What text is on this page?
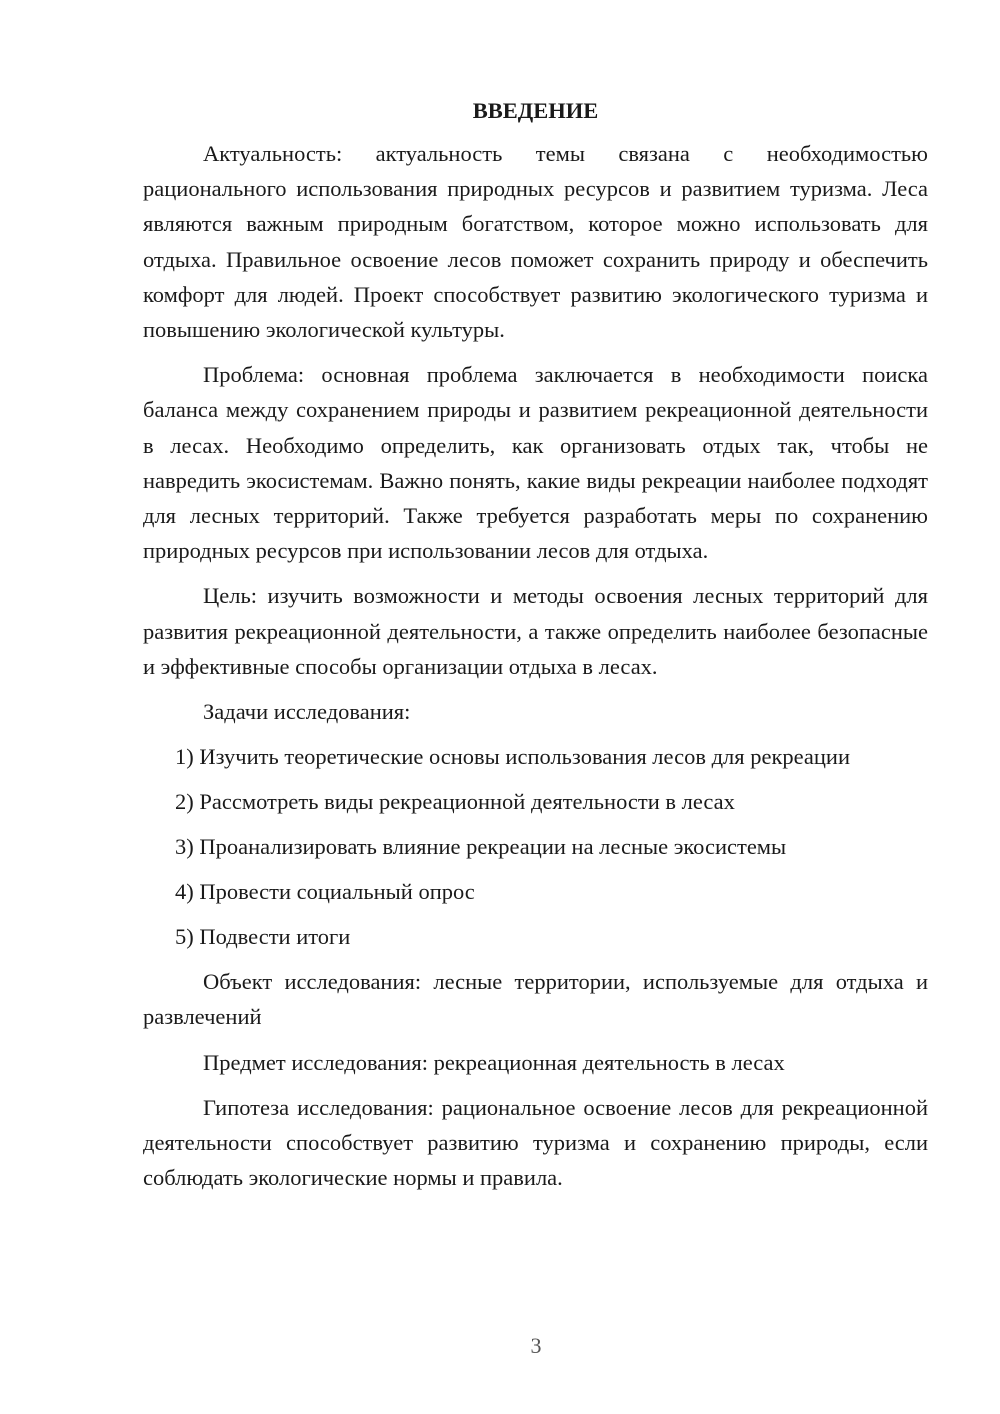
ВВЕДЕНИЕ

Актуальность: актуальность темы связана с необходимостью рационального использования природных ресурсов и развитием туризма. Леса являются важным природным богатством, которое можно использовать для отдыха. Правильное освоение лесов поможет сохранить природу и обеспечить комфорт для людей. Проект способствует развитию экологического туризма и повышению экологической культуры.

Проблема: основная проблема заключается в необходимости поиска баланса между сохранением природы и развитием рекреационной деятельности в лесах. Необходимо определить, как организовать отдых так, чтобы не навредить экосистемам. Важно понять, какие виды рекреации наиболее подходят для лесных территорий. Также требуется разработать меры по сохранению природных ресурсов при использовании лесов для отдыха.

Цель: изучить возможности и методы освоения лесных территорий для развития рекреационной деятельности, а также определить наиболее безопасные и эффективные способы организации отдыха в лесах.

Задачи исследования:

1) Изучить теоретические основы использования лесов для рекреации
2) Рассмотреть виды рекреационной деятельности в лесах
3) Проанализировать влияние рекреации на лесные экосистемы
4) Провести социальный опрос
5) Подвести итоги

Объект исследования: лесные территории, используемые для отдыха и развлечений

Предмет исследования: рекреационная деятельность в лесах

Гипотеза исследования: рациональное освоение лесов для рекреационной деятельности способствует развитию туризма и сохранению природы, если соблюдать экологические нормы и правила.

3
